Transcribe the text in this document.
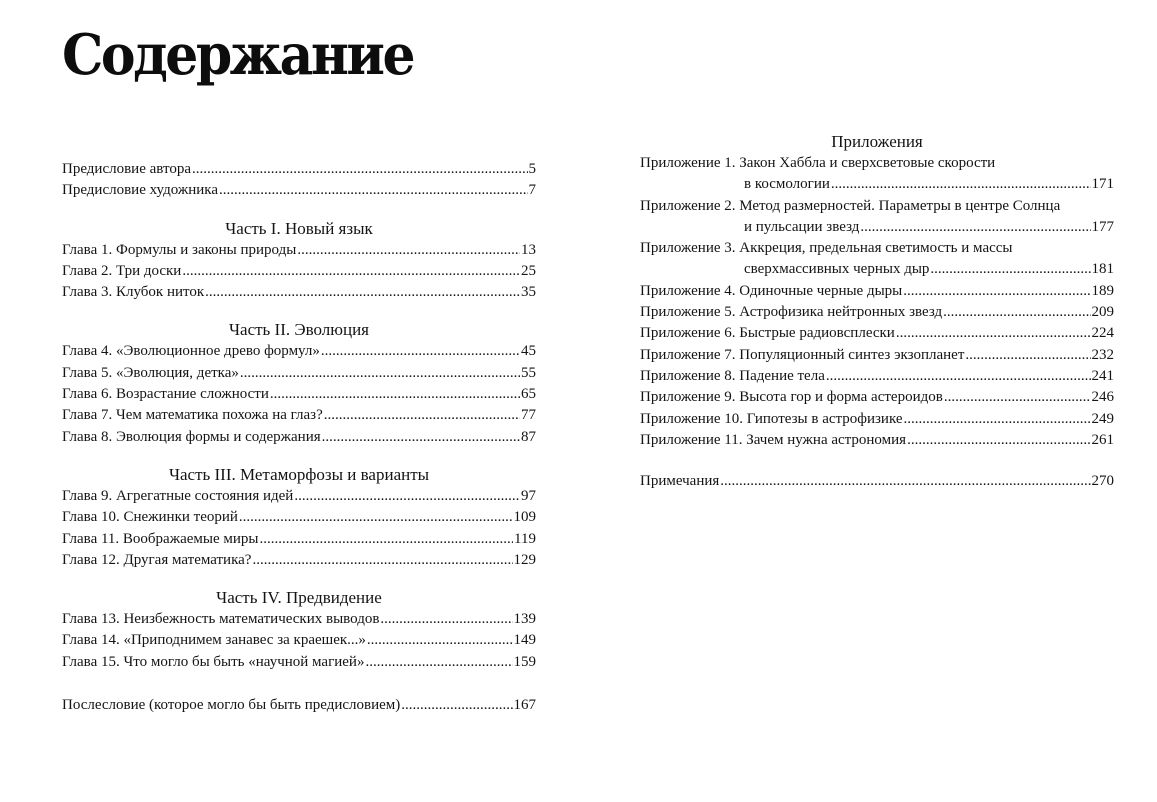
Содержание
Предисловие автора .....	5
Предисловие художника .....	7

Часть I. Новый язык

Глава 1. Формулы и законы природы .....	13
Глава 2. Три доски .....	25
Глава 3. Клубок ниток .....	35

Часть II. Эволюция

Глава 4. «Эволюционное древо формул» .....	45
Глава 5. «Эволюция, детка» .....	55
Глава 6. Возрастание сложности .....	65
Глава 7. Чем математика похожа на глаз? .....	77
Глава 8. Эволюция формы и содержания .....	87

Часть III. Метаморфозы и варианты

Глава 9. Агрегатные состояния идей .....	97
Глава 10. Снежинки теорий .....	109
Глава 11. Воображаемые миры .....	119
Глава 12. Другая математика? .....	129

Часть IV. Предвидение

Глава 13. Неизбежность математических выводов .....	139
Глава 14. «Приподнимем занавес за краешек...» .....	149
Глава 15. Что могло бы быть «научной магией» .....	159
Послесловие (которое могло бы быть предисловием) .....	167

Приложения

Приложение 1. Закон Хаббла и сверхсветовые скорости
в космологии .....	171
Приложение 2. Метод размерностей. Параметры в центре Солнца
и пульсации звезд .....	177
Приложение 3. Аккреция, предельная светимость и массы
сверхмассивных черных дыр .....	181
Приложение 4. Одиночные черные дыры .....	189
Приложение 5. Астрофизика нейтронных звезд .....	209
Приложение 6. Быстрые радиовсплески .....	224
Приложение 7. Популяционный синтез экзопланет .....	232
Приложение 8. Падение тела .....	241
Приложение 9. Высота гор и форма астероидов .....	246
Приложение 10. Гипотезы в астрофизике .....	249
Приложение 11. Зачем нужна астрономия .....	261
Примечания .....	270
